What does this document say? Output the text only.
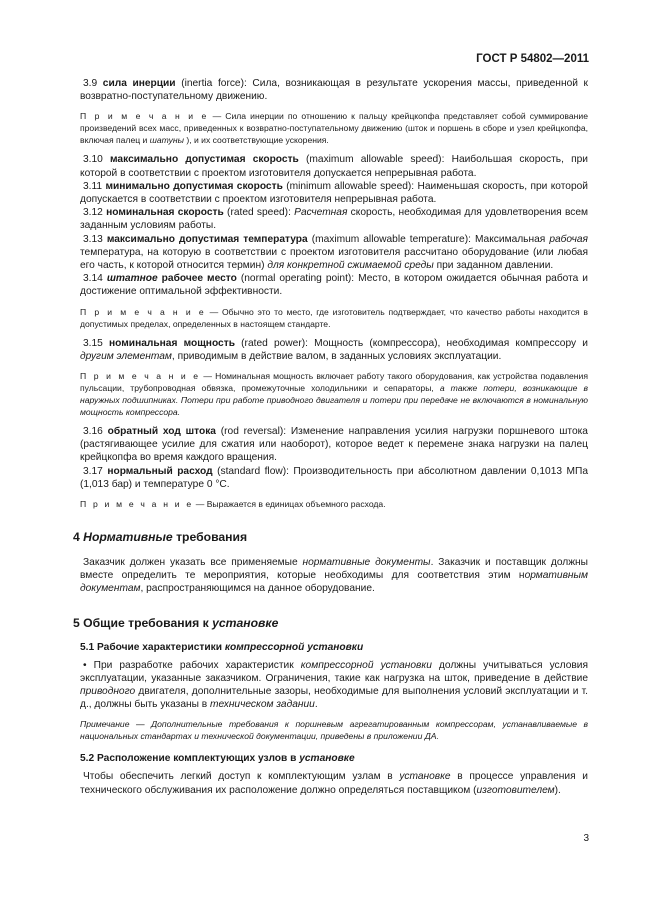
ГОСТ Р 54802—2011

3.9 сила инерции (inertia force): Сила, возникающая в результате ускорения массы, приведенной к возвратно-поступательному движению.

П р и м е ч а н и е — Сила инерции по отношению к пальцу крейцкопфа представляет собой суммирование произведений всех масс, приведенных к возвратно-поступательному движению (шток и поршень в сборе и узел крейцкопфа, включая палец и шатуны ), и их соответствующие ускорения.

3.10 максимально допустимая скорость (maximum allowable speed): Наибольшая скорость, при которой в соответствии с проектом изготовителя допускается непрерывная работа.

3.11 минимально допустимая скорость (minimum allowable speed): Наименьшая скорость, при которой допускается в соответствии с проектом изготовителя непрерывная работа.

3.12 номинальная скорость (rated speed): Расчетная скорость, необходимая для удовлетворения всем заданным условиям работы.

3.13 максимально допустимая температура (maximum allowable temperature): Максимальная рабочая температура, на которую в соответствии с проектом изготовителя рассчитано оборудование (или любая его часть, к которой относится термин) для конкретной сжимаемой среды при заданном давлении.

3.14 штатное рабочее место (normal operating point): Место, в котором ожидается обычная работа и достижение оптимальной эффективности.

П р и м е ч а н и е — Обычно это то место, где изготовитель подтверждает, что качество работы находится в допустимых пределах, определенных в настоящем стандарте.

3.15 номинальная мощность (rated power): Мощность (компрессора), необходимая компрессору и другим элементам, приводимым в действие валом, в заданных условиях эксплуатации.

П р и м е ч а н и е — Номинальная мощность включает работу такого оборудования, как устройства подавления пульсации, трубопроводная обвязка, промежуточные холодильники и сепараторы, а также потери, возникающие в наружных подшипниках. Потери при работе приводного двигателя и потери при передаче не включаются в номинальную мощность компрессора.

3.16 обратный ход штока (rod reversal): Изменение направления усилия нагрузки поршневого штока (растягивающее усилие для сжатия или наоборот), которое ведет к перемене знака нагрузки на палец крейцкопфа во время каждого вращения.

3.17 нормальный расход (standard flow): Производительность при абсолютном давлении 0,1013 МПа (1,013 бар) и температуре 0 °С.

П р и м е ч а н и е — Выражается в единицах объемного расхода.

4 Нормативные требования

Заказчик должен указать все применяемые нормативные документы. Заказчик и поставщик должны вместе определить те мероприятия, которые необходимы для соответствия этим нормативным документам, распространяющимся на данное оборудование.

5 Общие требования к установке
5.1 Рабочие характеристики компрессорной установки

• При разработке рабочих характеристик компрессорной установки должны учитываться условия эксплуатации, указанные заказчиком. Ограничения, такие как нагрузка на шток, приведение в действие приводного двигателя, дополнительные зазоры, необходимые для выполнения условий эксплуатации и т. д., должны быть указаны в техническом задании.

Примечание — Дополнительные требования к поршневым агрегатированным компрессорам, устанавливаемые в национальных стандартах и технической документации, приведены в приложении ДА.

5.2 Расположение комплектующих узлов в установке

Чтобы обеспечить легкий доступ к комплектующим узлам в установке в процессе управления и технического обслуживания их расположение должно определяться поставщиком (изготовителем).

3
